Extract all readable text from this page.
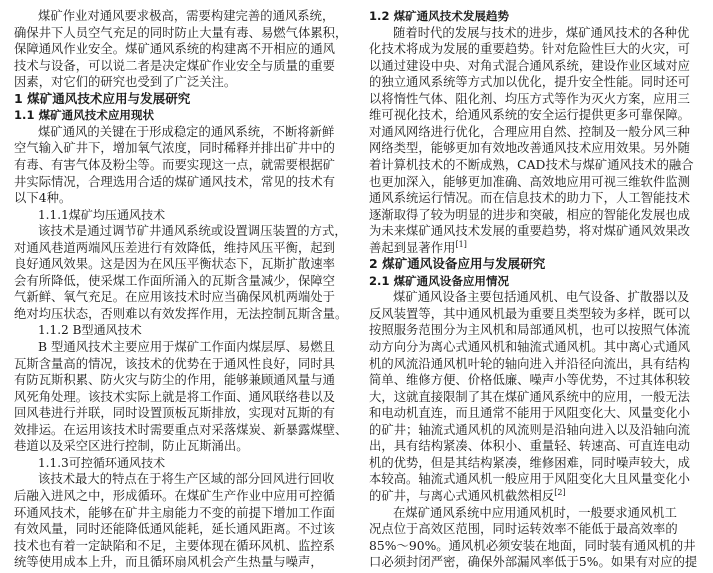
煤矿作业对通风要求极高，需要构建完善的通风系统，
确保井下人员空气充足的同时防止大量有毒、易燃气体累积，
保障通风作业安全。煤矿通风系统的构建离不开相应的通风
技术与设备，可以说二者是决定煤矿作业安全与质量的重要
因素，对它们的研究也受到了广泛关注。
1 煤矿通风技术应用与发展研究
1.1 煤矿通风技术应用现状
煤矿通风的关键在于形成稳定的通风系统，不断将新鲜
空气输入矿井下，增加氧气浓度，同时稀释并排出矿井中的
有毒、有害气体及粉尘等。而要实现这一点，就需要根据矿
井实际情况，合理选用合适的煤矿通风技术，常见的技术有
以下4种。
1.1.1煤矿均压通风技术
该技术是通过调节矿井通风系统或设置调压装置的方式，
对通风巷道两端风压差进行有效降低，维持风压平衡，起到
良好通风效果。这是因为在风压平衡状态下，瓦斯扩散速率
会有所降低，使采煤工作面所涌入的瓦斯含量减少，保障空
气新鲜、氧气充足。在应用该技术时应当确保风机两端处于
绝对均压状态，否则难以有效发挥作用，无法控制瓦斯含量。
1.1.2 B型通风技术
B 型通风技术主要应用于煤矿工作面内煤层厚、易燃且
瓦斯含量高的情况，该技术的优势在于通风性良好，同时具
有防瓦斯积累、防火灾与防尘的作用，能够兼顾通风量与通
风死角处理。该技术实际上就是将工作面、通风联络巷以及
回风巷进行并联，同时设置顶板瓦斯排放，实现对瓦斯的有
效排运。在运用该技术时需要重点对采落煤炭、新暴露煤壁、
巷道以及采空区进行控制，防止瓦斯涌出。
1.1.3可控循环通风技术
该技术最大的特点在于将生产区域的部分回风进行回收
后融入进风之中，形成循环。在煤矿生产作业中应用可控循
环通风技术，能够在矿井主扇能力不变的前提下增加工作面
有效风量，同时还能降低通风能耗，延长通风距离。不过该
技术也有着一定缺陷和不足，主要体现在循环风机、监控系
统等使用成本上升，而且循环扇风机会产生热量与噪声，
1.2 煤矿通风技术发展趋势
随着时代的发展与技术的进步，煤矿通风技术的各种优
化技术将成为发展的重要趋势。针对危险性巨大的火灾，可
以通过建设中央、对角式混合通风系统，建设作业区域对应
的独立通风系统等方式加以优化，提升安全性能。同时还可
以将惰性气体、阻化剂、均压方式等作为灭火方案，应用三
维可视化技术，给通风系统的安全运行提供更多可靠保障。
对通风网络进行优化，合理应用自然、控制及一般分风三种
网络类型，能够更加有效地改善通风技术应用效果。另外随
着计算机技术的不断成熟，CAD技术与煤矿通风技术的融合
也更加深入，能够更加准确、高效地应用可视三维软件监测
通风系统运行情况。而在信息技术的助力下，人工智能技术
逐渐取得了较为明显的进步和突破，相应的智能化发展也成
为未来煤矿通风技术发展的重要趋势，将对煤矿通风效果改
善起到显著作用[1]
2 煤矿通风设备应用与发展研究
2.1 煤矿通风设备应用情况
煤矿通风设备主要包括通风机、电气设备、扩散器以及
反风装置等，其中通风机最为重要且类型较为多样，既可以
按照服务范围分为主风机和局部通风机，也可以按照气体流
动方向分为离心式通风机和轴流式通风机。其中离心式通风
机的风流沿通风机叶轮的轴向进入并沿径向流出，具有结构
简单、维修方便、价格低廉、噪声小等优势，不过其体积较
大，这就直接限制了其在煤矿通风系统中的应用，一般无法
和电动机直连，而且通常不能用于风阻变化大、风量变化小
的矿井；轴流式通风机的风流则是沿轴向进入以及沿轴向流
出，具有结构紧凑、体积小、重量轻、转速高、可直连电动
机的优势，但是其结构紧凑，维修困难，同时噪声较大，成
本较高。轴流式通风机一般应用于风阻变化大且风量变化小
的矿井，与离心式通风机截然相反[2]
在煤矿通风系统中应用通风机时，一般要求通风机工
况点位于高效区范围，同时运转效率不能低于最高效率的
85%～90%。通风机必须安装在地面，同时装有通风机的井
口必须封闭严密，确保外部漏风率低于5%。如果有对应的提
